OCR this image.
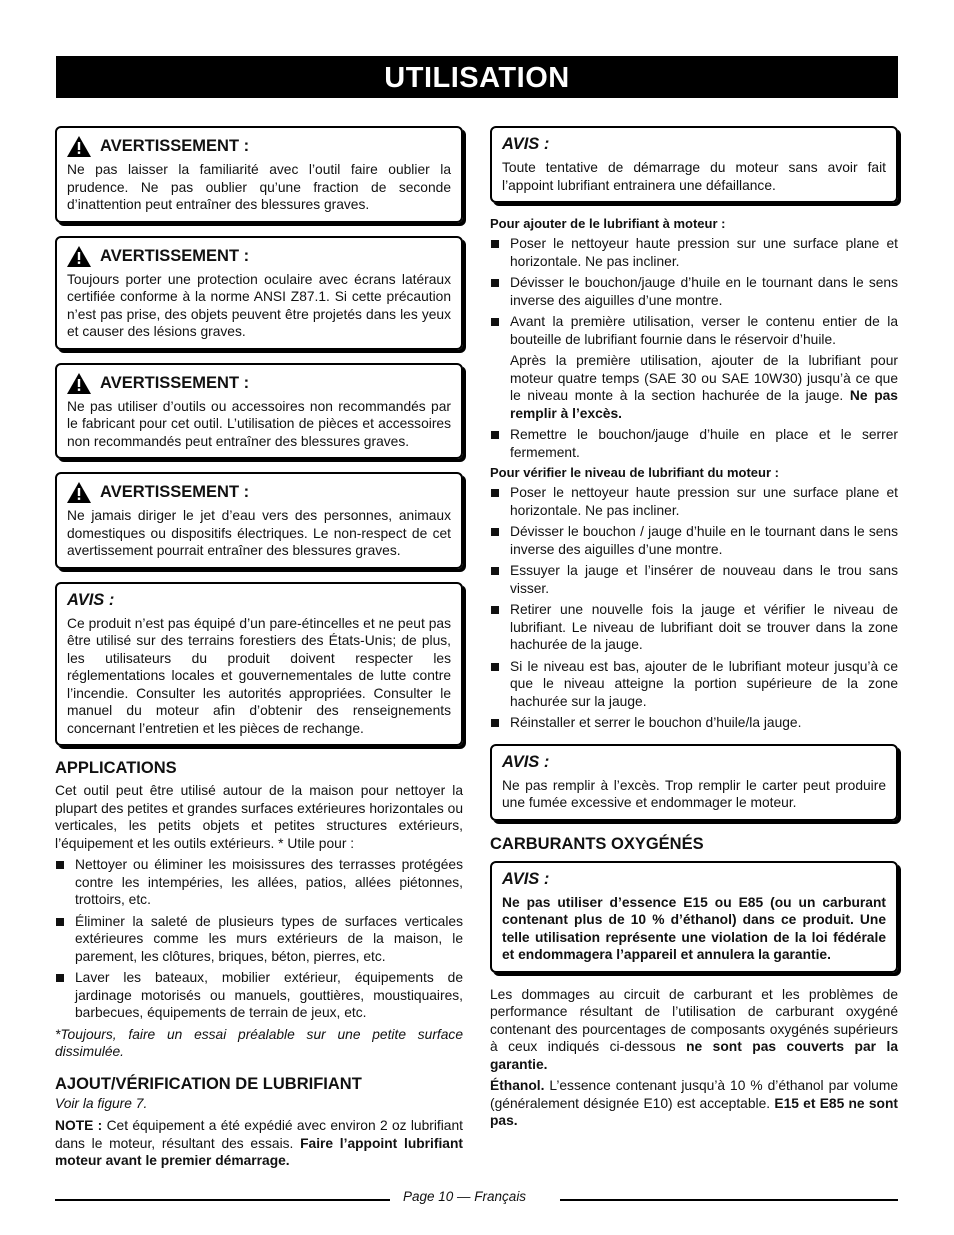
UTILISATION
AVERTISSEMENT :
Ne pas laisser la familiarité avec l’outil faire oublier la prudence. Ne pas oublier qu’une fraction de seconde d’inattention peut entraîner des blessures graves.
AVERTISSEMENT :
Toujours porter une protection oculaire avec écrans latéraux certifiée conforme à la norme ANSI Z87.1. Si cette précaution n’est pas prise, des objets peuvent être projetés dans les yeux et causer des lésions graves.
AVERTISSEMENT :
Ne pas utiliser d’outils ou accessoires non recommandés par le fabricant pour cet outil. L’utilisation de pièces et accessoires non recommandés peut entraîner des blessures graves.
AVERTISSEMENT :
Ne jamais diriger le jet d’eau vers des personnes, animaux domestiques ou dispositifs électriques. Le non-respect de cet avertissement pourrait entraîner des blessures graves.
AVIS :
Ce produit n’est pas équipé d’un pare-étincelles et ne peut pas être utilisé sur des terrains forestiers des États-Unis; de plus, les utilisateurs du produit doivent respecter les réglementations locales et gouvernementales de lutte contre l’incendie. Consulter les autorités appropriées. Consulter le manuel du moteur afin d’obtenir des renseignements concernant l’entretien et les pièces de rechange.
APPLICATIONS

Cet outil peut être utilisé autour de la maison pour nettoyer la plupart des petites et grandes surfaces extérieures horizontales ou verticales, les petits objets et petites structures extérieurs, l’équipement et les outils extérieurs. * Utile pour :

Nettoyer ou éliminer les moisissures des terrasses protégées contre les intempéries, les allées, patios, allées piétonnes, trottoirs, etc.
Éliminer la saleté de plusieurs types de surfaces verticales extérieures comme les murs extérieurs de la maison, le parement, les clôtures, briques, béton, pierres, etc.
Laver les bateaux, mobilier extérieur, équipements de jardinage motorisés ou manuels, gouttières, moustiquaires, barbecues, équipements de terrain de jeux, etc.

*Toujours, faire un essai préalable sur une petite surface dissimulée.

AJOUT/VÉRIFICATION DE LUBRIFIANT

Voir la figure 7.

NOTE : Cet équipement a été expédié avec environ 2 oz lubrifiant dans le moteur, résultant des essais. Faire l’appoint lubrifiant moteur avant le premier démarrage.

AVIS :
Toute tentative de démarrage du moteur sans avoir fait l’appoint lubrifiant entrainera une défaillance.
Pour ajouter de le lubrifiant à moteur :
Poser le nettoyeur haute pression sur une surface plane et horizontale. Ne pas incliner.
Dévisser le bouchon/jauge d’huile en le tournant dans le sens inverse des aiguilles d’une montre.
Avant la première utilisation, verser le contenu entier de la bouteille de lubrifiant fournie dans le réservoir d’huile.

Après la première utilisation, ajouter de la lubrifiant pour moteur quatre temps (SAE 30 ou SAE 10W30) jusqu’à ce que le niveau monte à la section hachurée de la jauge. Ne pas remplir à l’excès.

Remettre le bouchon/jauge d’huile en place et le serrer fermement.
Pour vérifier le niveau de lubrifiant du moteur :
Poser le nettoyeur haute pression sur une surface plane et horizontale. Ne pas incliner.
Dévisser le bouchon / jauge d’huile en le tournant dans le sens inverse des aiguilles d’une montre.
Essuyer la jauge et l’insérer de nouveau dans le trou sans visser.
Retirer une nouvelle fois la jauge et vérifier le niveau de lubrifiant. Le niveau de lubrifiant doit se trouver dans la zone hachurée de la jauge.
Si le niveau est bas, ajouter de le lubrifiant moteur jusqu’à ce que le niveau atteigne la portion supérieure de la zone hachurée sur la jauge.
Réinstaller et serrer le bouchon d’huile/la jauge.
AVIS :
Ne pas remplir à l’excès. Trop remplir le carter peut produire une fumée excessive et endommager le moteur.
CARBURANTS OXYGÉNÉS
AVIS :
Ne pas utiliser d’essence E15 ou E85 (ou un carburant contenant plus de 10 % d’éthanol) dans ce produit. Une telle utilisation représente une violation de la loi fédérale et endommagera l’appareil et annulera la garantie.

Les dommages au circuit de carburant et les problèmes de performance résultant de l’utilisation de carburant oxygéné contenant des pourcentages de composants oxygénés supérieurs à ceux indiqués ci-dessous ne sont pas couverts par la garantie.

Éthanol. L’essence contenant jusqu’à 10 % d’éthanol par volume (généralement désignée E10) est acceptable. E15 et E85 ne sont pas.

Page 10 — Français
